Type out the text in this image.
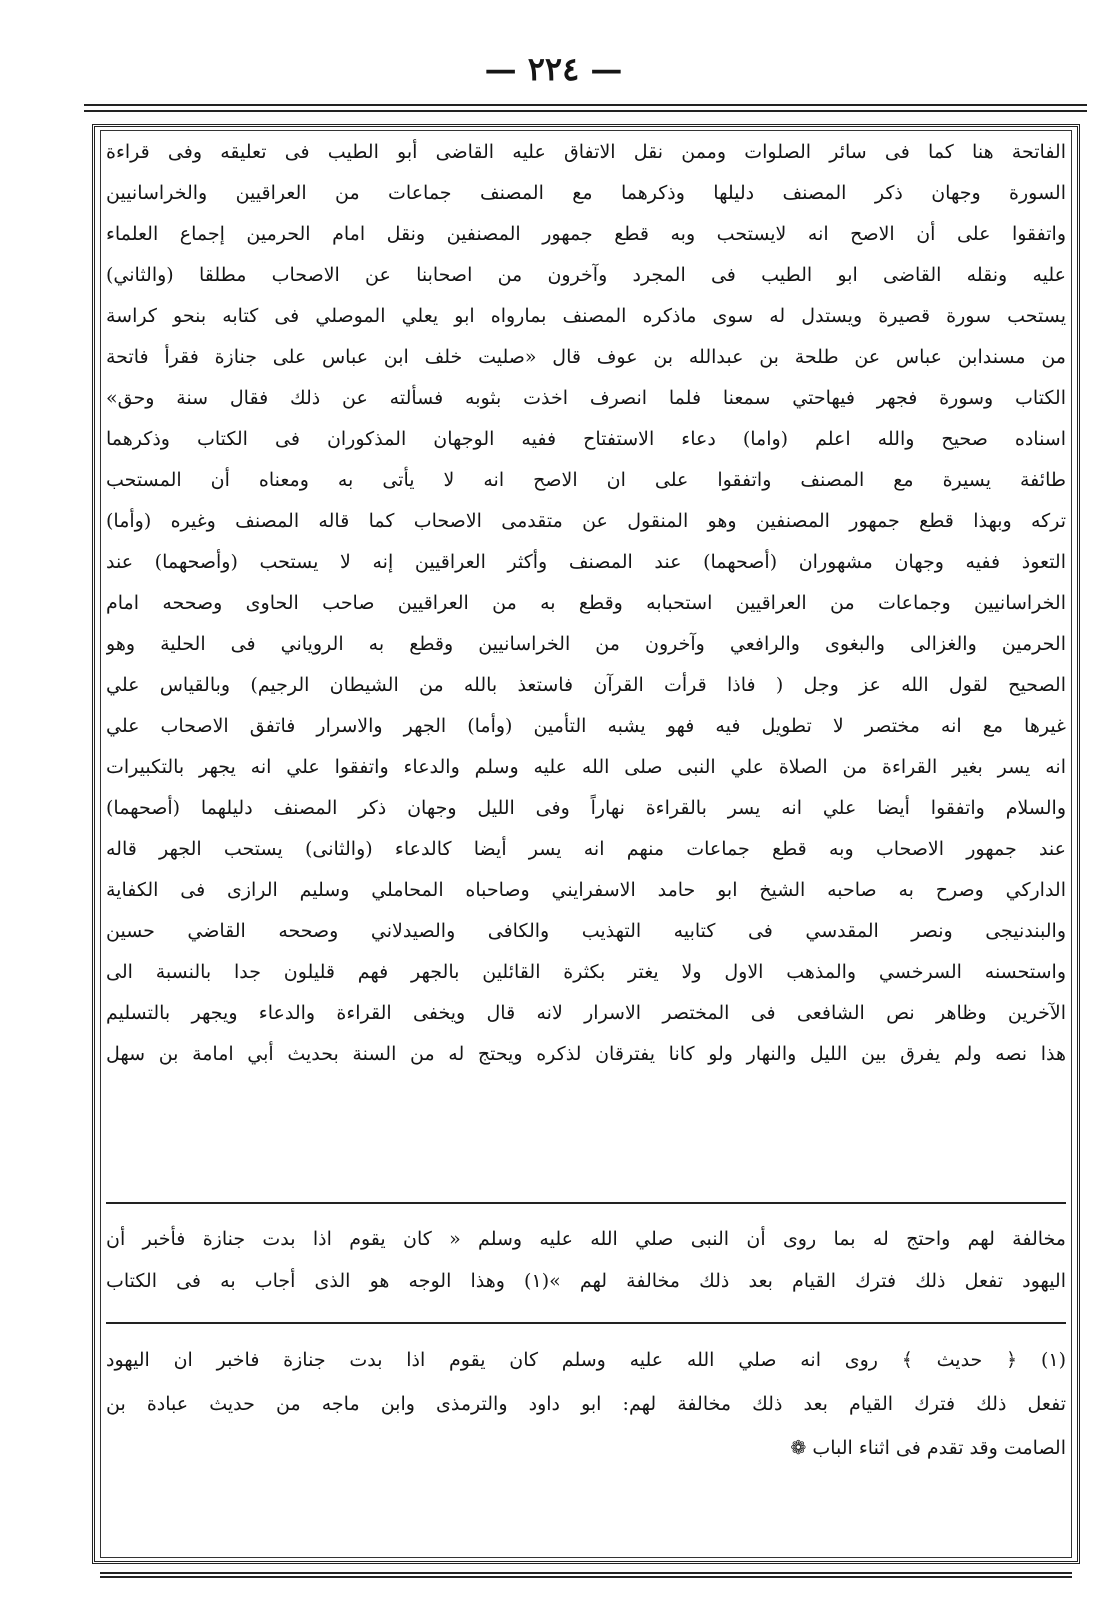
— ٢٢٤ —

الفاتحة هنا كما فى سائر الصلوات وممن نقل الاتفاق عليه القاضى أبو الطيب فى تعليقه وفى قراءة

السورة وجهان ذكر المصنف دليلها وذكرهما مع المصنف جماعات من العراقيين والخراسانيين

واتفقوا على أن الاصح انه لايستحب وبه قطع جمهور المصنفين ونقل امام الحرمين إجماع العلماء

عليه ونقله القاضى ابو الطيب فى المجرد وآخرون من اصحابنا عن الاصحاب مطلقا (والثاني)

يستحب سورة قصيرة ويستدل له سوى ماذكره المصنف بمارواه ابو يعلي الموصلي فى كتابه بنحو كراسة

من مسندابن عباس عن طلحة بن عبدالله بن عوف قال «صليت خلف ابن عباس على جنازة فقرأ فاتحة

الكتاب وسورة فجهر فيهاحتي سمعنا فلما انصرف اخذت بثوبه فسألته عن ذلك فقال سنة وحق»

اسناده صحيح والله اعلم (واما) دعاء الاستفتاح ففيه الوجهان المذكوران فى الكتاب وذكرهما

طائفة يسيرة مع المصنف واتفقوا على ان الاصح انه لا يأتى به ومعناه أن المستحب

تركه وبهذا قطع جمهور المصنفين وهو المنقول عن متقدمى الاصحاب كما قاله المصنف وغيره (وأما)

التعوذ ففيه وجهان مشهوران (أصحهما) عند المصنف وأكثر العراقيين إنه لا يستحب (وأصحهما) عند

الخراسانيين وجماعات من العراقيين استحبابه وقطع به من العراقيين صاحب الحاوى وصححه امام

الحرمين والغزالى والبغوى والرافعي وآخرون من الخراسانيين وقطع به الروياني فى الحلية وهو

الصحيح لقول الله عز وجل ( فاذا قرأت القرآن فاستعذ بالله من الشيطان الرجيم) وبالقياس علي

غيرها مع انه مختصر لا تطويل فيه فهو يشبه التأمين (وأما) الجهر والاسرار فاتفق الاصحاب علي

انه يسر بغير القراءة من الصلاة علي النبى صلى الله عليه وسلم والدعاء واتفقوا علي انه يجهر بالتكبيرات

والسلام واتفقوا أيضا علي انه يسر بالقراءة نهاراً وفى الليل وجهان ذكر المصنف دليلهما (أصحهما)

عند جمهور الاصحاب وبه قطع جماعات منهم انه يسر أيضا كالدعاء (والثانى) يستحب الجهر قاله

الداركي وصرح به صاحبه الشيخ ابو حامد الاسفرايني وصاحباه المحاملي وسليم الرازى فى الكفاية

والبندنيجى ونصر المقدسي فى كتابيه التهذيب والكافى والصيدلاني وصححه القاضي حسين

واستحسنه السرخسي والمذهب الاول ولا يغتر بكثرة القائلين بالجهر فهم قليلون جدا بالنسبة الى

الآخرين وظاهر نص الشافعى فى المختصر الاسرار لانه قال ويخفى القراءة والدعاء ويجهر بالتسليم

هذا نصه ولم يفرق بين الليل والنهار ولو كانا يفترقان لذكره ويحتج له من السنة بحديث أبي امامة بن سهل

مخالفة لهم واحتج له بما روى أن النبى صلي الله عليه وسلم « كان يقوم اذا بدت جنازة فأخبر أن

اليهود تفعل ذلك فترك القيام بعد ذلك مخالفة لهم »(١) وهذا الوجه هو الذى أجاب به فى الكتاب

(١) ﴿ حديث ﴾ روى انه صلي الله عليه وسلم كان يقوم اذا بدت جنازة فاخبر ان اليهود

تفعل ذلك فترك القيام بعد ذلك مخالفة لهم: ابو داود والترمذى وابن ماجه من حديث عبادة بن

الصامت وقد تقدم فى اثناء الباب ❁
